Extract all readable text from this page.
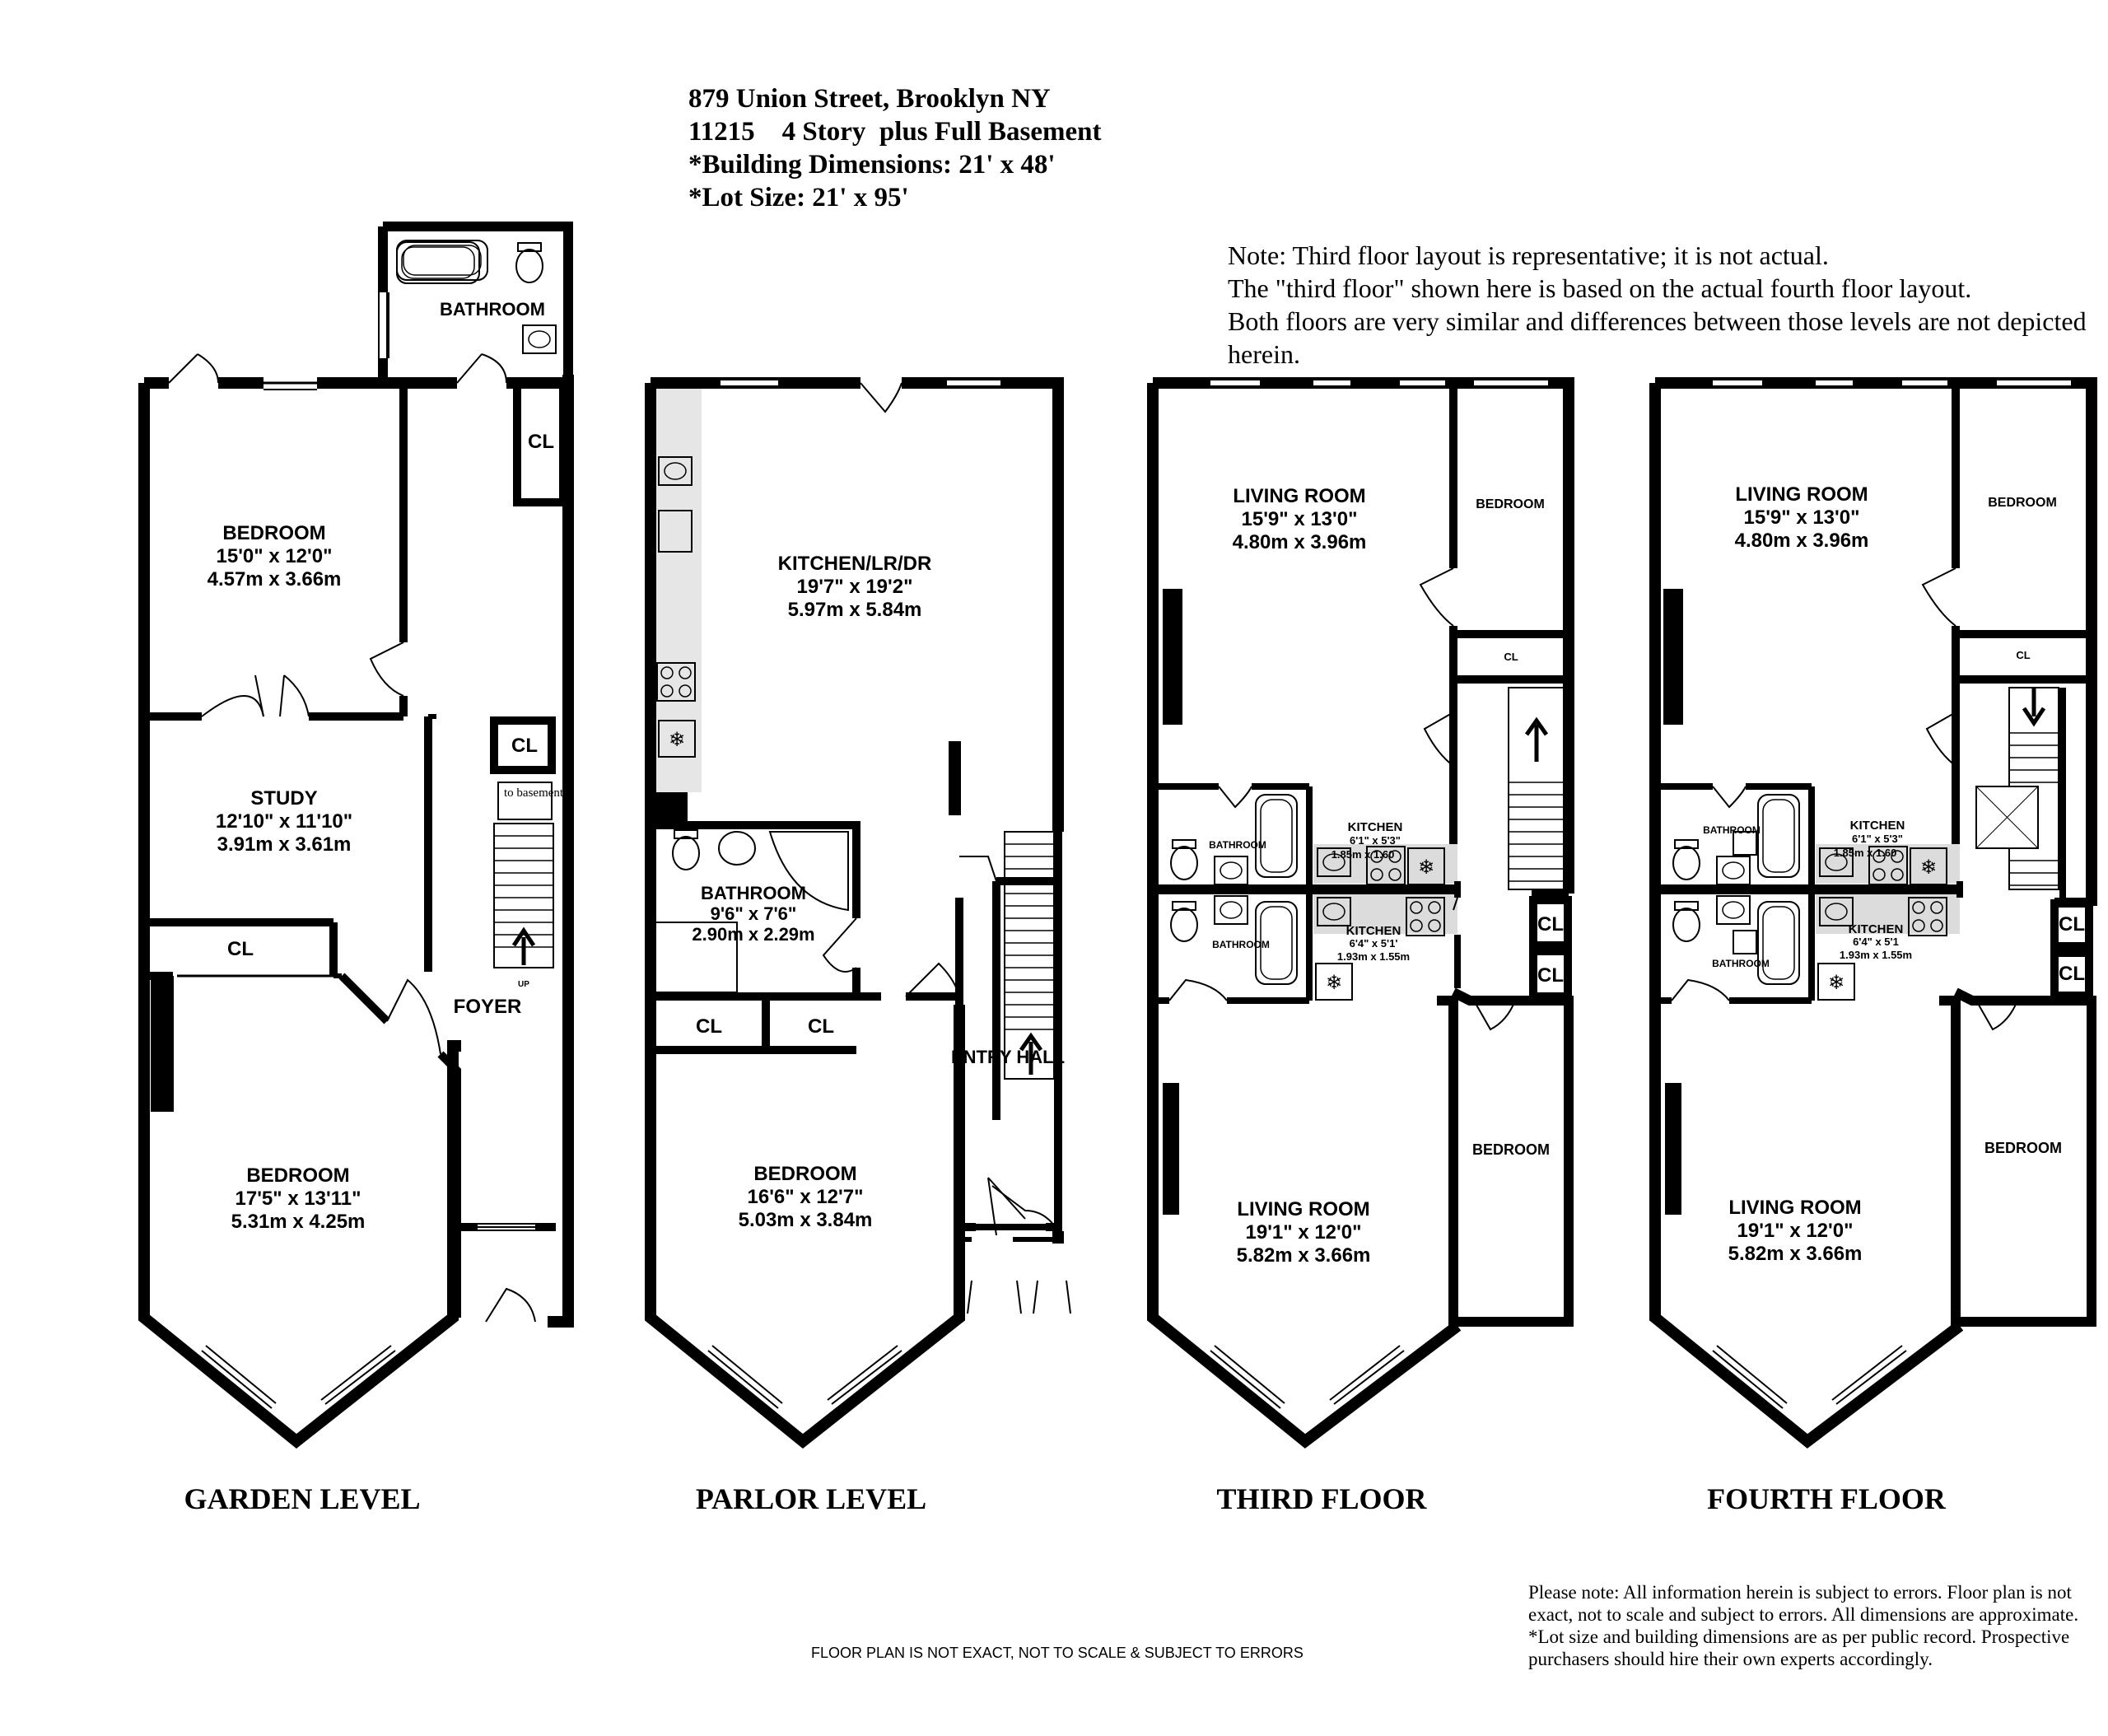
879 Union Street, Brooklyn NY
11215    4 Story  plus Full Basement
*Building Dimensions: 21' x 48'
*Lot Size: 21' x 95'
Note: Third floor layout is representative; it is not actual.
The "third floor" shown here is based on the actual fourth floor layout.
Both floors are very similar and differences between those levels are not depicted herein.
❄
BATHROOM
BEDROOM
15'0" x 12'0"
4.57m x 3.66m
STUDY
12'10" x 11'10"
3.91m x 3.61m
CL
CL
CL
to basement
UP
FOYER
BEDROOM
17'5" x 13'11"
5.31m x 4.25m
GARDEN LEVEL
KITCHEN/LR/DR
19'7" x 19'2"
5.97m x 5.84m
BATHROOM
9'6" x 7'6"
2.90m x 2.29m
CL	CL
ENTRY HALL
BEDROOM
16'6" x 12'7"
5.03m x 3.84m
PARLOR LEVEL
LIVING ROOM
15'9" x 13'0"
4.80m x 3.96m
BEDROOM
CL
BATHROOM
BATHROOM
KITCHEN
6'1" x 5'3"
1.85m x 1.60
KITCHEN
6'4" x 5'1'
1.93m x 1.55m
CL
CL
BEDROOM
LIVING ROOM
19'1" x 12'0"
5.82m x 3.66m
THIRD FLOOR
LIVING ROOM
15'9" x 13'0"
4.80m x 3.96m
BEDROOM
CL
BATHROOM
BATHROOM
KITCHEN
6'1" x 5'3"
1.85m x 1.60
KITCHEN
6'4" x 5'1
1.93m x 1.55m
CL
CL
BEDROOM
LIVING ROOM
19'1" x 12'0"
5.82m x 3.66m
FOURTH FLOOR
FLOOR PLAN IS NOT EXACT, NOT TO SCALE & SUBJECT TO ERRORS
Please note: All information herein is subject to errors. Floor plan is not exact, not to scale and subject to errors. All dimensions are approximate. *Lot size and building dimensions are as per public record. Prospective purchasers should hire their own experts accordingly.
